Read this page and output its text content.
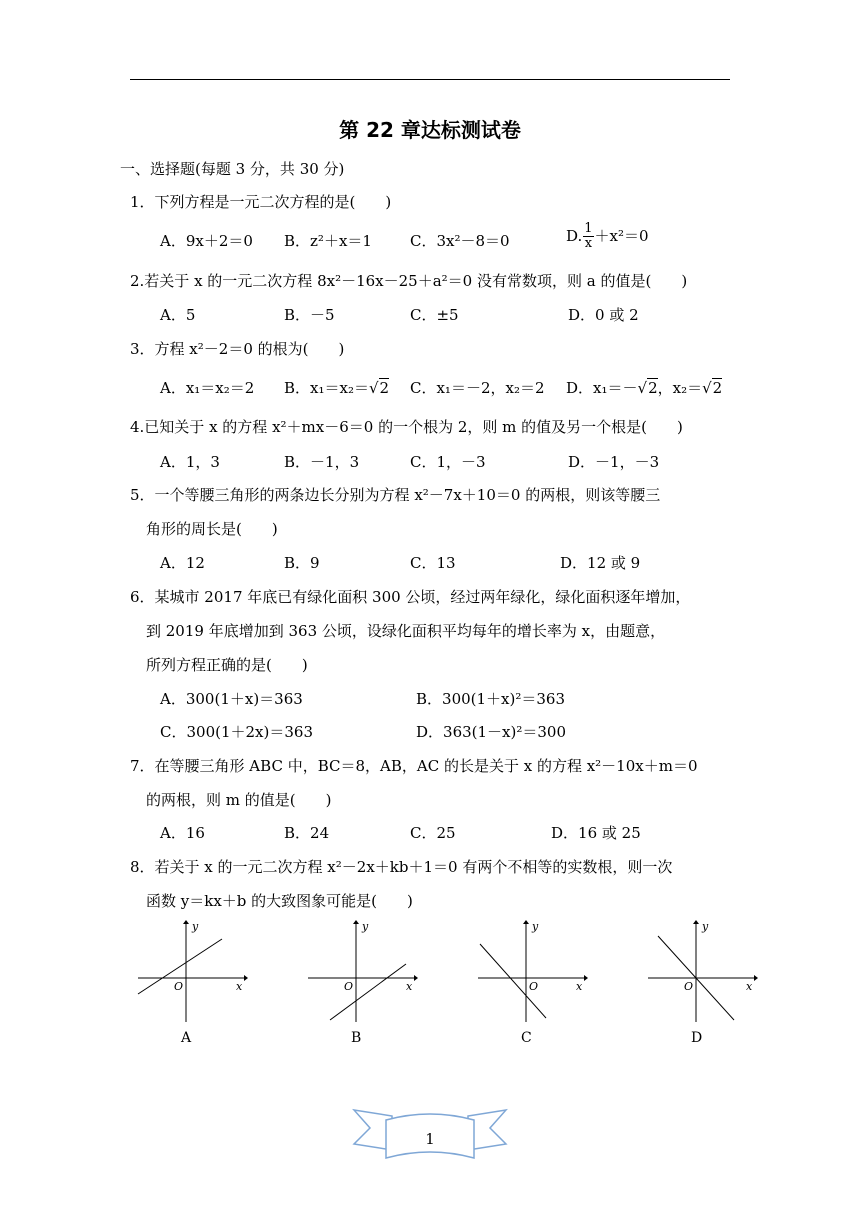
第 22 章达标测试卷
一、选择题(每题 3 分，共 30 分)
1．下列方程是一元二次方程的是(　　)
A．9x＋2＝0 B．z²＋x＝1	C．3x²－8＝0	D. $\frac{1}{x} +x^2=0$
2.若关于 x 的一元二次方程 8x²－16x－25＋a²＝0 没有常数项，则 a 的值是(　　)
A．5	B．－5	C．±5	D．0 或 2
3．方程 x²－2＝0 的根为(　　)
A．x₁＝x₂＝2 B．x₁＝x₂＝√2 C．x₁＝－2，x₂＝2 D．x₁＝－√2，x₂＝√2
4.已知关于 x 的方程 x²＋mx－6＝0 的一个根为 2，则 m 的值及另一个根是(　　)
A．1，3	B．－1，3	C．1，－3	D．－1，－3
5．一个等腰三角形的两条边长分别为方程 x²－7x＋10＝0 的两根，则该等腰三
角形的周长是(　　)
A．12	B．9	C．13	D．12 或 9
6．某城市 2017 年底已有绿化面积 300 公顷，经过两年绿化，绿化面积逐年增加，
到 2019 年底增加到 363 公顷，设绿化面积平均每年的增长率为 x，由题意，
所列方程正确的是(　　)
A．300(1＋x)＝363	B．300(1＋x)²＝363
C．300(1＋2x)＝363	D．363(1－x)²＝300
7．在等腰三角形 ABC 中，BC＝8，AB，AC 的长是关于 x 的方程 x²－10x＋m＝0
的两根，则 m 的值是(　　)
A．16	B．24	C．25	D．16 或 25
8．若关于 x 的一元二次方程 x²－2x＋kb＋1＝0 有两个不相等的实数根，则一次
函数 y＝kx＋b 的大致图象可能是(　　)
y
x
O
A
y
x
O
B
y
x
O
C
y
x
O
D
1
